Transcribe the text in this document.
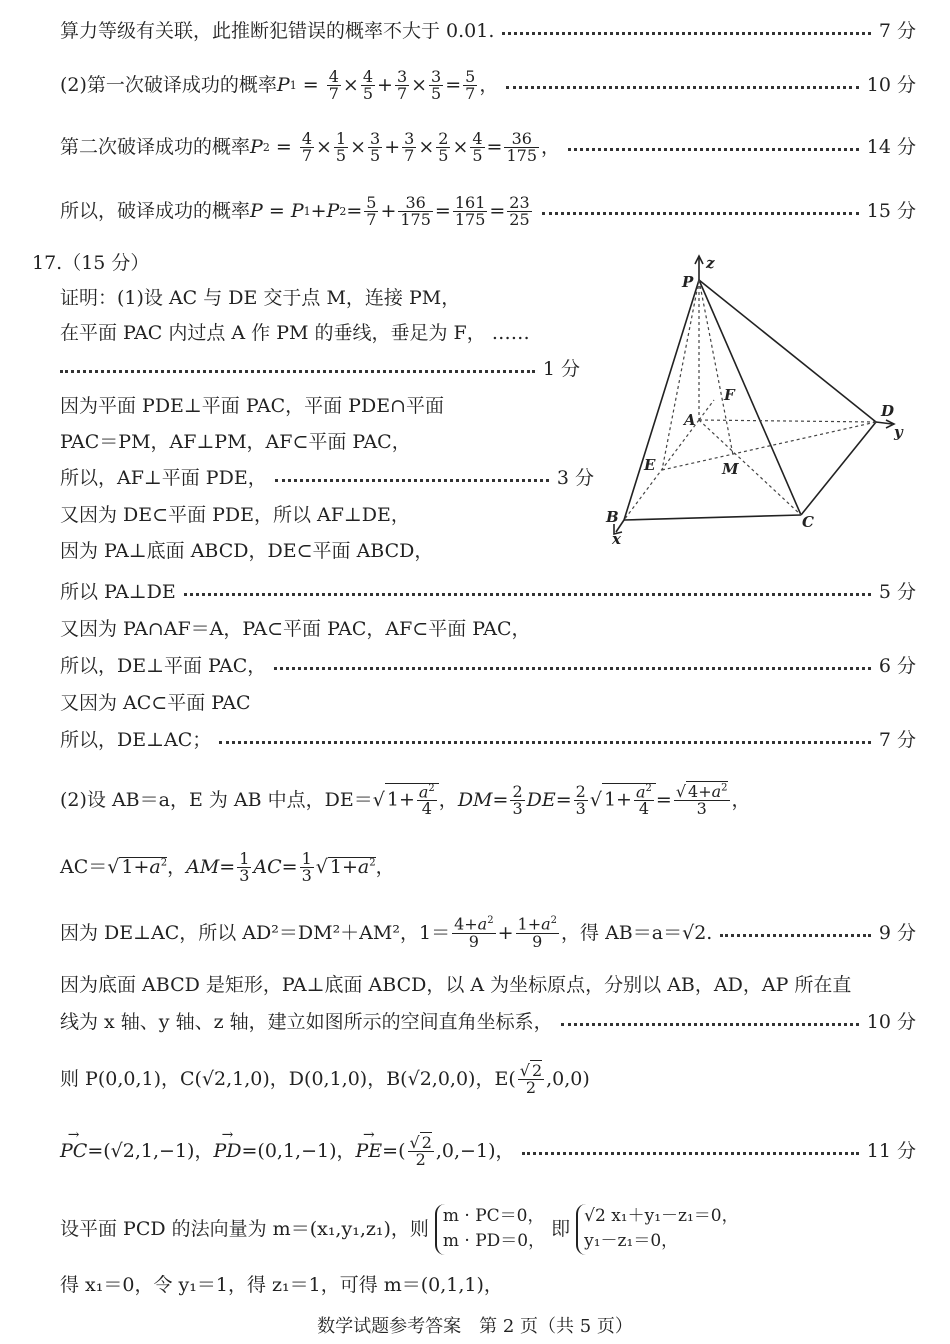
算力等级有关联，此推断犯错误的概率不大于 0.01.	7 分
(2)第一次破译成功的概率 P $1 = \frac{4}{7} \times \frac{4}{5} + \frac{3}{7} \times \frac{3}{5} = \frac{5}{7}$ ，	10 分
第二次破译成功的概率 P $2 = \frac{4}{7} \times \frac{1}{5} \times \frac{3}{5} + \frac{3}{7} \times \frac{2}{5} \times \frac{4}{5} = \frac{36}{175}$ ，	14 分
所以，破译成功的概率 P = P 1 + P $2 = \frac{5}{7} + \frac{36}{175} = \frac{161}{175} = \frac{23}{25}$	15 分
17.（15 分）
证明：(1)设 AC 与 DE 交于点 M，连接 PM，
在平面 PAC 内过点 A 作 PM 的垂线，垂足为 F， ……
1 分
因为平面 PDE⊥平面 PAC，平面 PDE∩平面
PAC＝PM，AF⊥PM，AF⊂平面 PAC，
所以，AF⊥平面 PDE，	3 分
又因为 DE⊂平面 PDE，所以 AF⊥DE，
因为 PA⊥底面 ABCD，DE⊂平面 ABCD，
所以 PA⊥DE	5 分
又因为 PA∩AF＝A，PA⊂平面 PAC，AF⊂平面 PAC，
所以，DE⊥平面 PAC，	6 分
又因为 AC⊂平面 PAC
所以，DE⊥AC；	7 分
(2)设 AB＝a，E 为 AB 中点，DE＝ √ $1+ \frac{a^2}{4}$ ， DM = $\frac{2}{3}$ DE = $\frac{2}{3}$ √ $1+ \frac{a^2}{4}$ = √ $\frac{4+a^2}{3}$ ，
AC＝ √ $1+a^2$ ， AM = $\frac{1}{3}$ AC = $\frac{1}{3}$ √ $1+a^2$ ，
因为 DE⊥AC，所以 AD²＝DM²＋AM²，$1= \frac{4+a^2}{9} + \frac{1+a^2}{9}$ ，得 AB＝a＝√2.	9 分
因为底面 ABCD 是矩形，PA⊥底面 ABCD，以 A 为坐标原点，分别以 AB，AD，AP 所在直
线为 x 轴、y 轴、z 轴，建立如图所示的空间直角坐标系，	10 分
则 P(0,0,1)，C(√2,1,0)，D(0,1,0)，B(√2,0,0)，E( √ $\frac{2}{2} ,0,0$)
→ PC =(√2,1,−1)， → PD =(0,1,−1)， → PE =( √ $\frac{2}{2} ,0,-1$)，	11 分
设平面 PCD 的法向量为 m＝(x₁,y₁,z₁)，则
m · PC＝0，
m · PD＝0，
即
√2 x₁＋y₁－z₁＝0，
y₁－z₁＝0，
得 x₁＝0，令 y₁＝1，得 z₁＝1，可得 m＝(0,1,1)，
数学试题参考答案　第 2 页（共 5 页）
P
z
A
F
D
y
E	M
B	C
x
